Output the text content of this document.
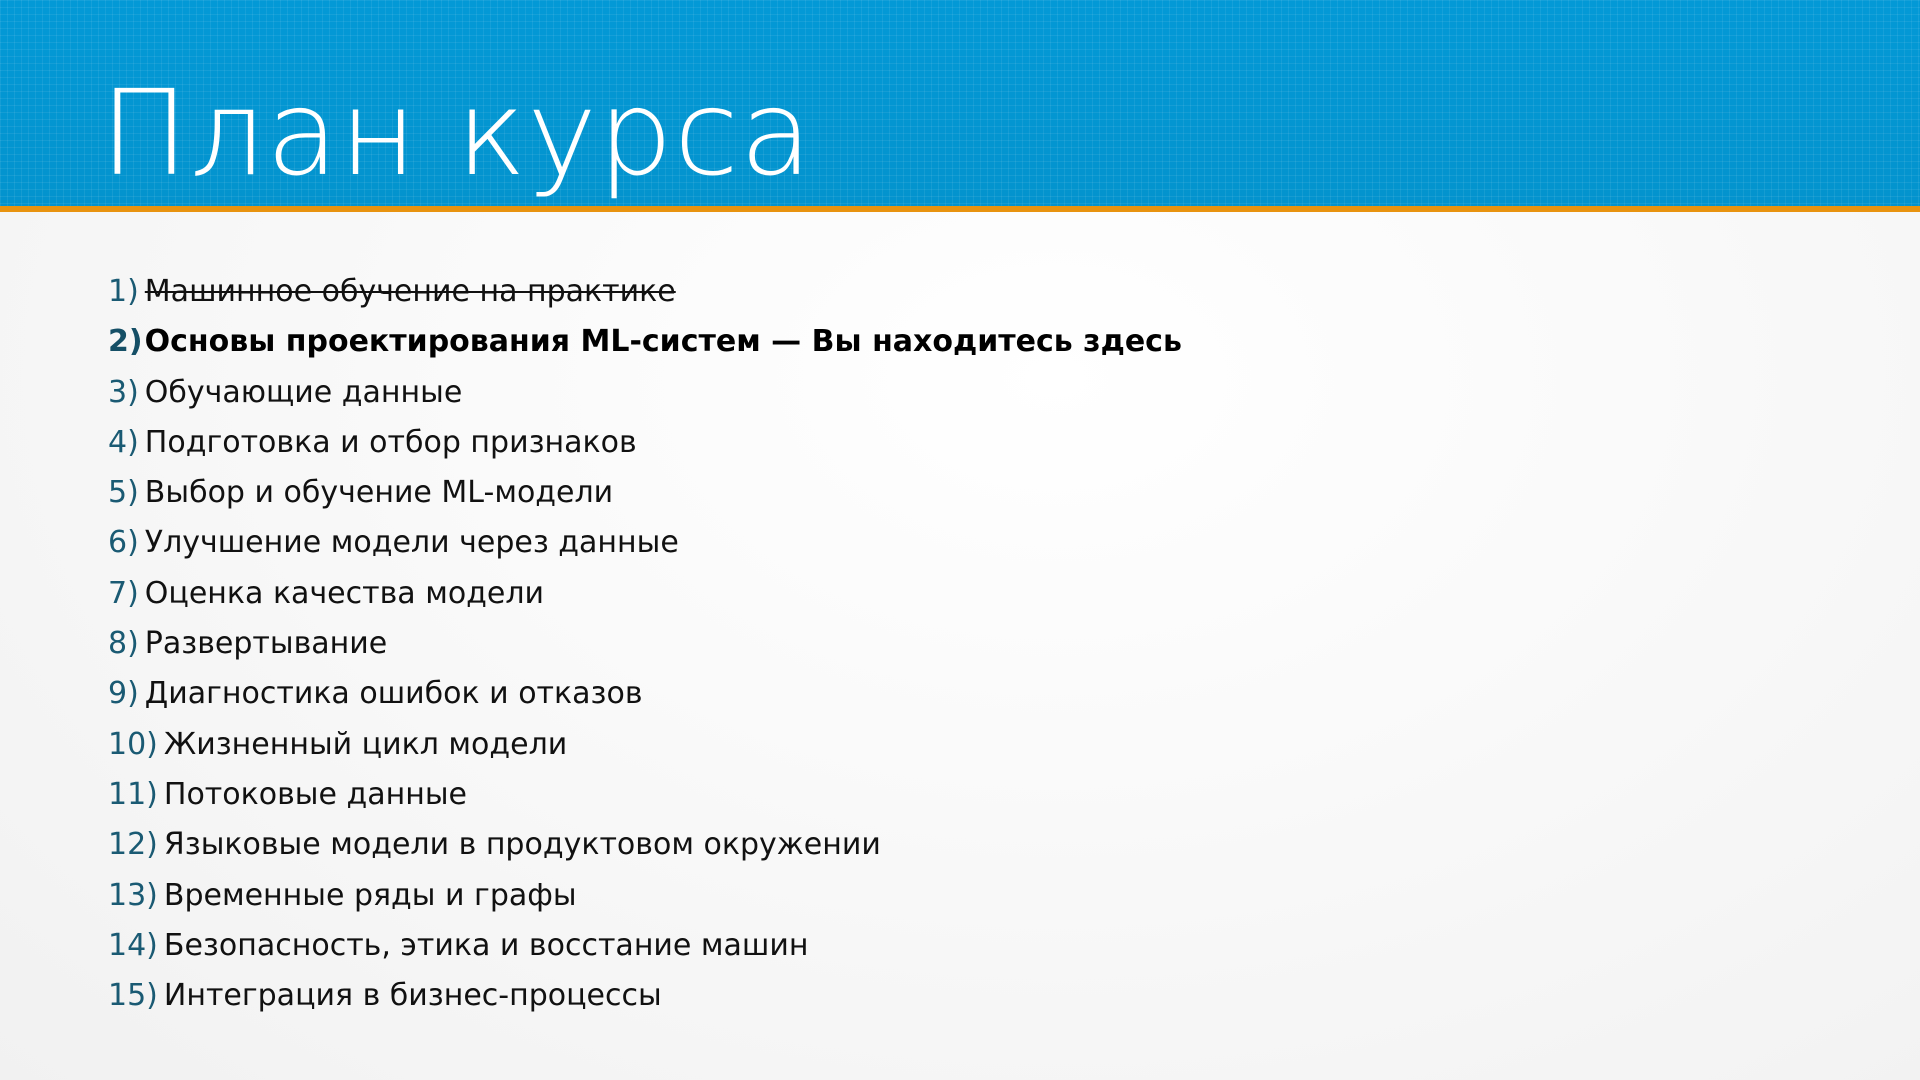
План курса
1) Машинное обучение на практике
2) Основы проектирования ML-систем — Вы находитесь здесь
3) Обучающие данные
4) Подготовка и отбор признаков
5) Выбор и обучение ML-модели
6) Улучшение модели через данные
7) Оценка качества модели
8) Развертывание
9) Диагностика ошибок и отказов
10) Жизненный цикл модели
11) Потоковые данные
12) Языковые модели в продуктовом окружении
13) Временные ряды и графы
14) Безопасность, этика и восстание машин
15) Интеграция в бизнес-процессы
